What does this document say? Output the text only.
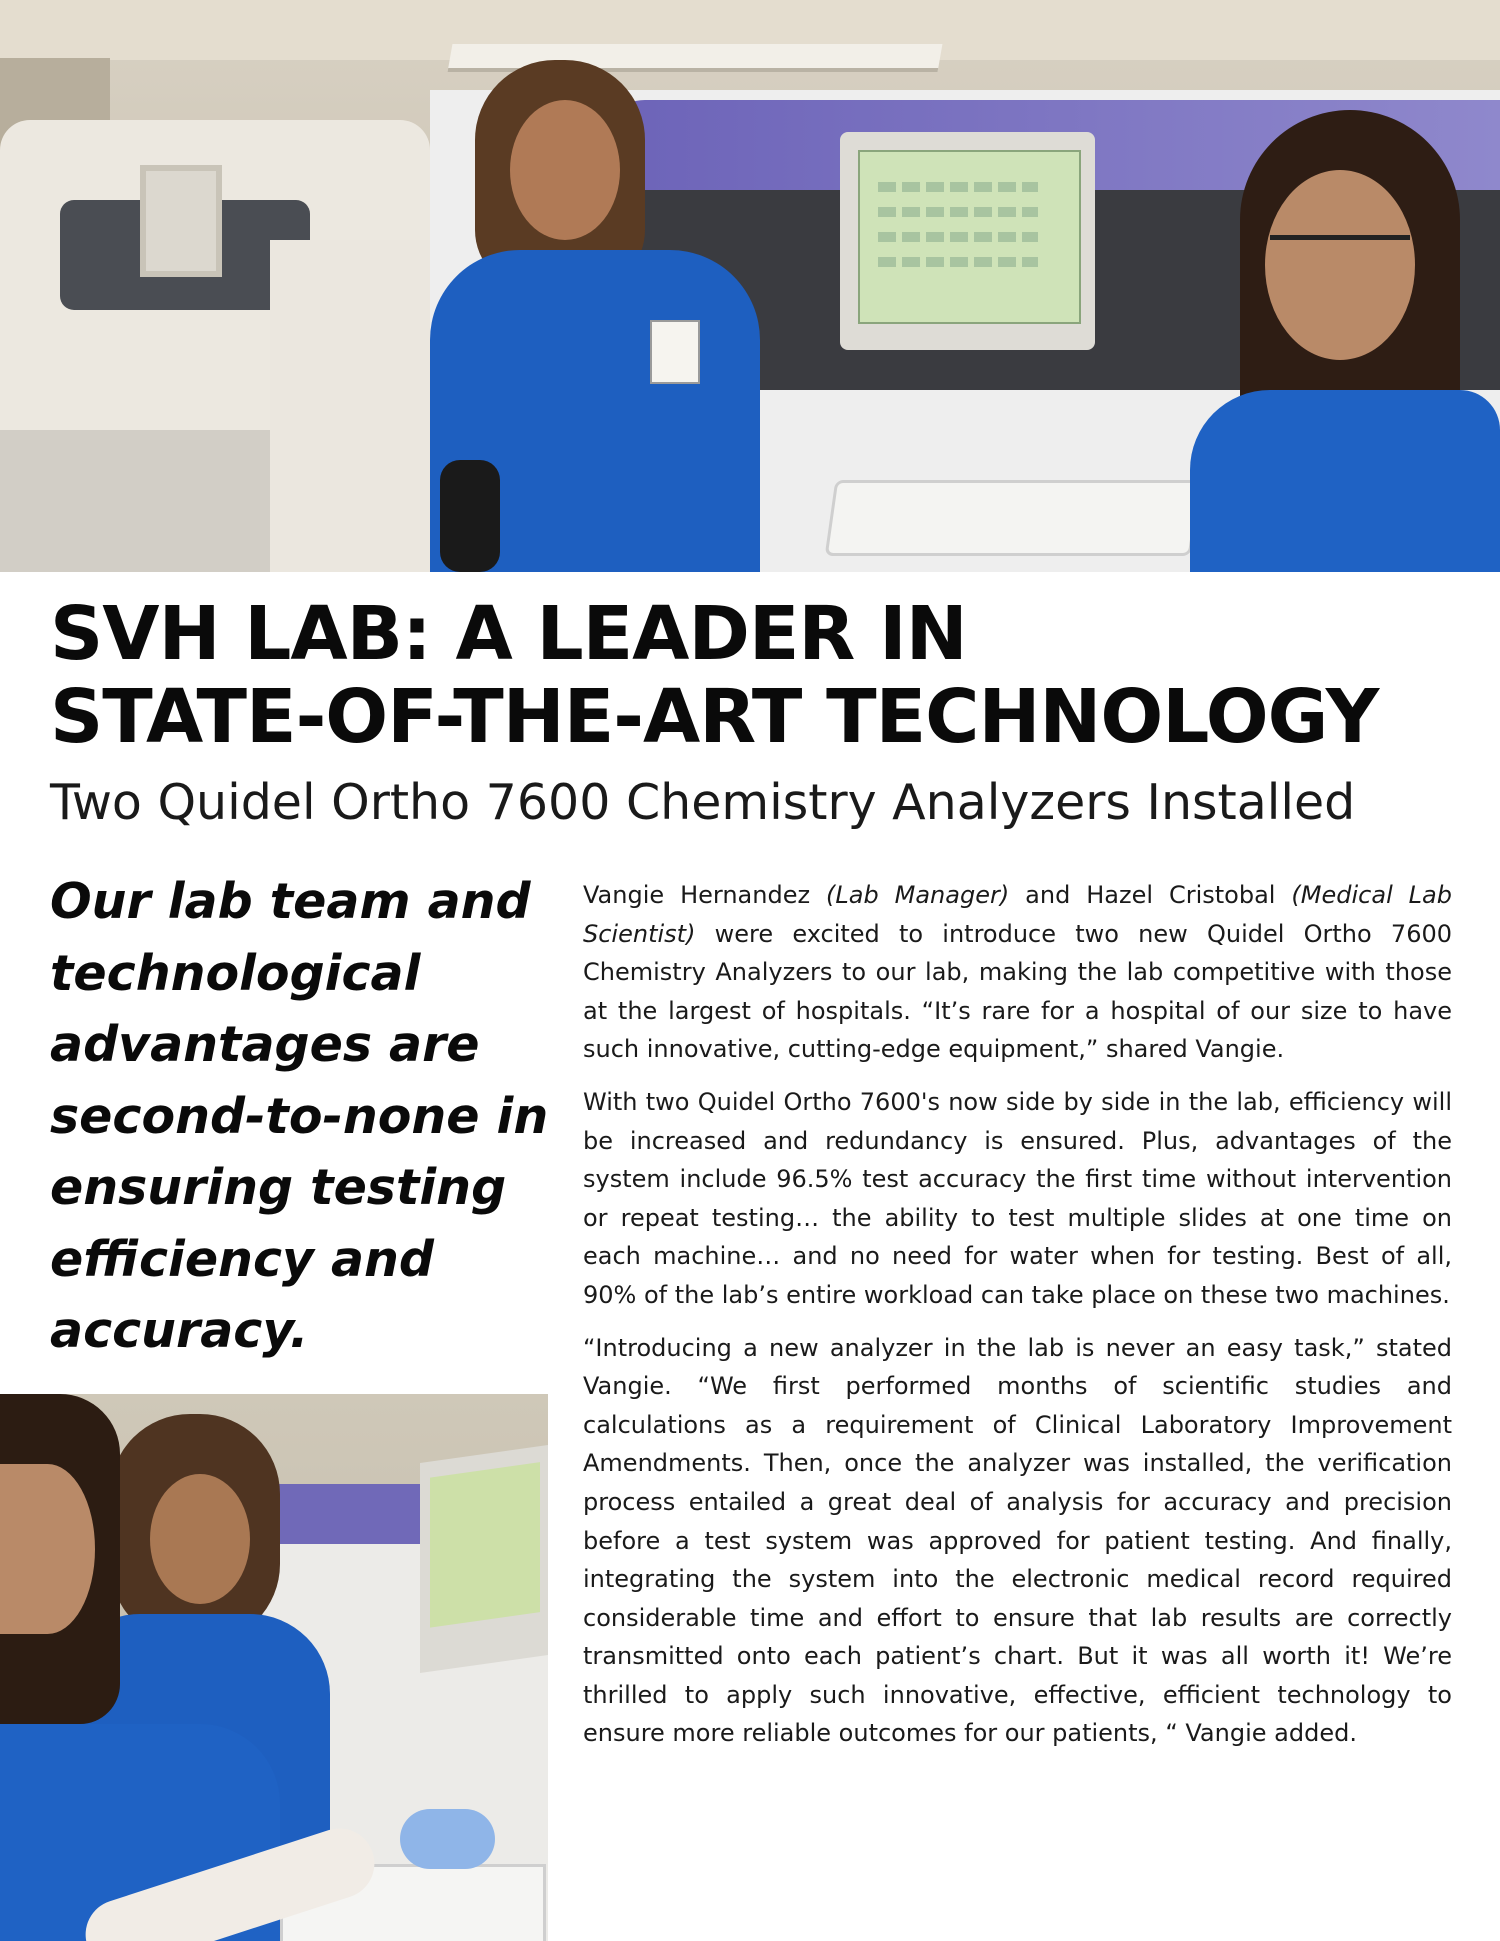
SVH LAB: A LEADER IN
STATE-OF-THE-ART TECHNOLOGY
Two Quidel Ortho 7600 Chemistry Analyzers Installed

Our lab team and technological advantages are second-to-none in ensuring testing efficiency and accuracy.

Vangie Hernandez (Lab Manager) and Hazel Cristobal (Medical Lab Scientist) were excited to introduce two new Quidel Ortho 7600 Chemistry Analyzers to our lab, making the lab competitive with those at the largest of hospitals. “It’s rare for a hospital of our size to have such innovative, cutting-edge equipment,” shared Vangie.

With two Quidel Ortho 7600's now side by side in the lab, efficiency will be increased and redundancy is ensured. Plus, advantages of the system include 96.5% test accuracy the first time without intervention or repeat testing… the ability to test multiple slides at one time on each machine… and no need for water when for testing. Best of all, 90% of the lab’s entire workload can take place on these two machines.

“Introducing a new analyzer in the lab is never an easy task,” stated Vangie. “We first performed months of scientific studies and calculations as a requirement of Clinical Laboratory Improvement Amendments. Then, once the analyzer was installed, the verification process entailed a great deal of analysis for accuracy and precision before a test system was approved for patient testing. And finally, integrating the system into the electronic medical record required considerable time and effort to ensure that lab results are correctly transmitted onto each patient’s chart. But it was all worth it! We’re thrilled to apply such innovative, effective, efficient technology to ensure more reliable outcomes for our patients, “ Vangie added.
